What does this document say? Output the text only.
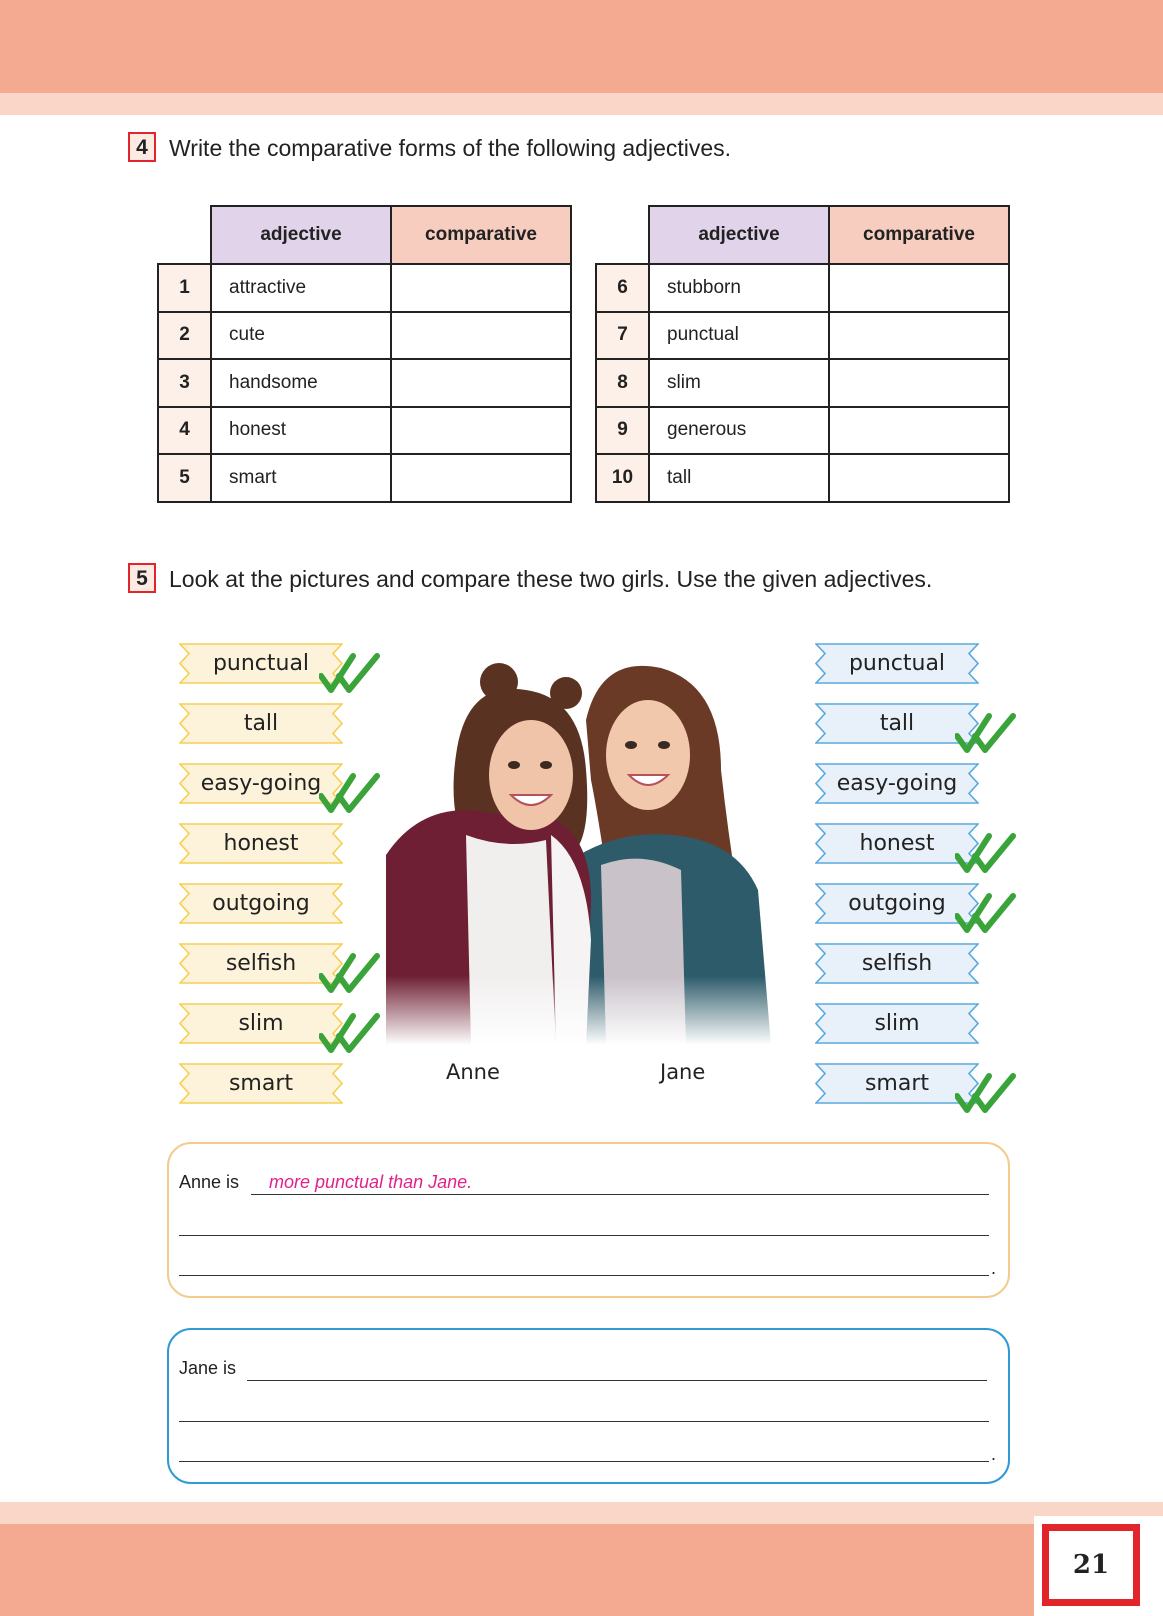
4 Write the comparative forms of the following adjectives.
	adjective	comparative
1	attractive	
2	cute	
3	handsome	
4	honest	
5	smart	
	adjective	comparative
6	stubborn	
7	punctual	
8	slim	
9	generous	
10	tall	
5 Look at the pictures and compare these two girls. Use the given adjectives.
punctual
tall
easy-going
honest
outgoing
selfish
slim
smart
punctual
tall
easy-going
honest
outgoing
selfish
slim
smart
Anne	Jane
Anne is more punctual than Jane.
.
Jane is
.
21
